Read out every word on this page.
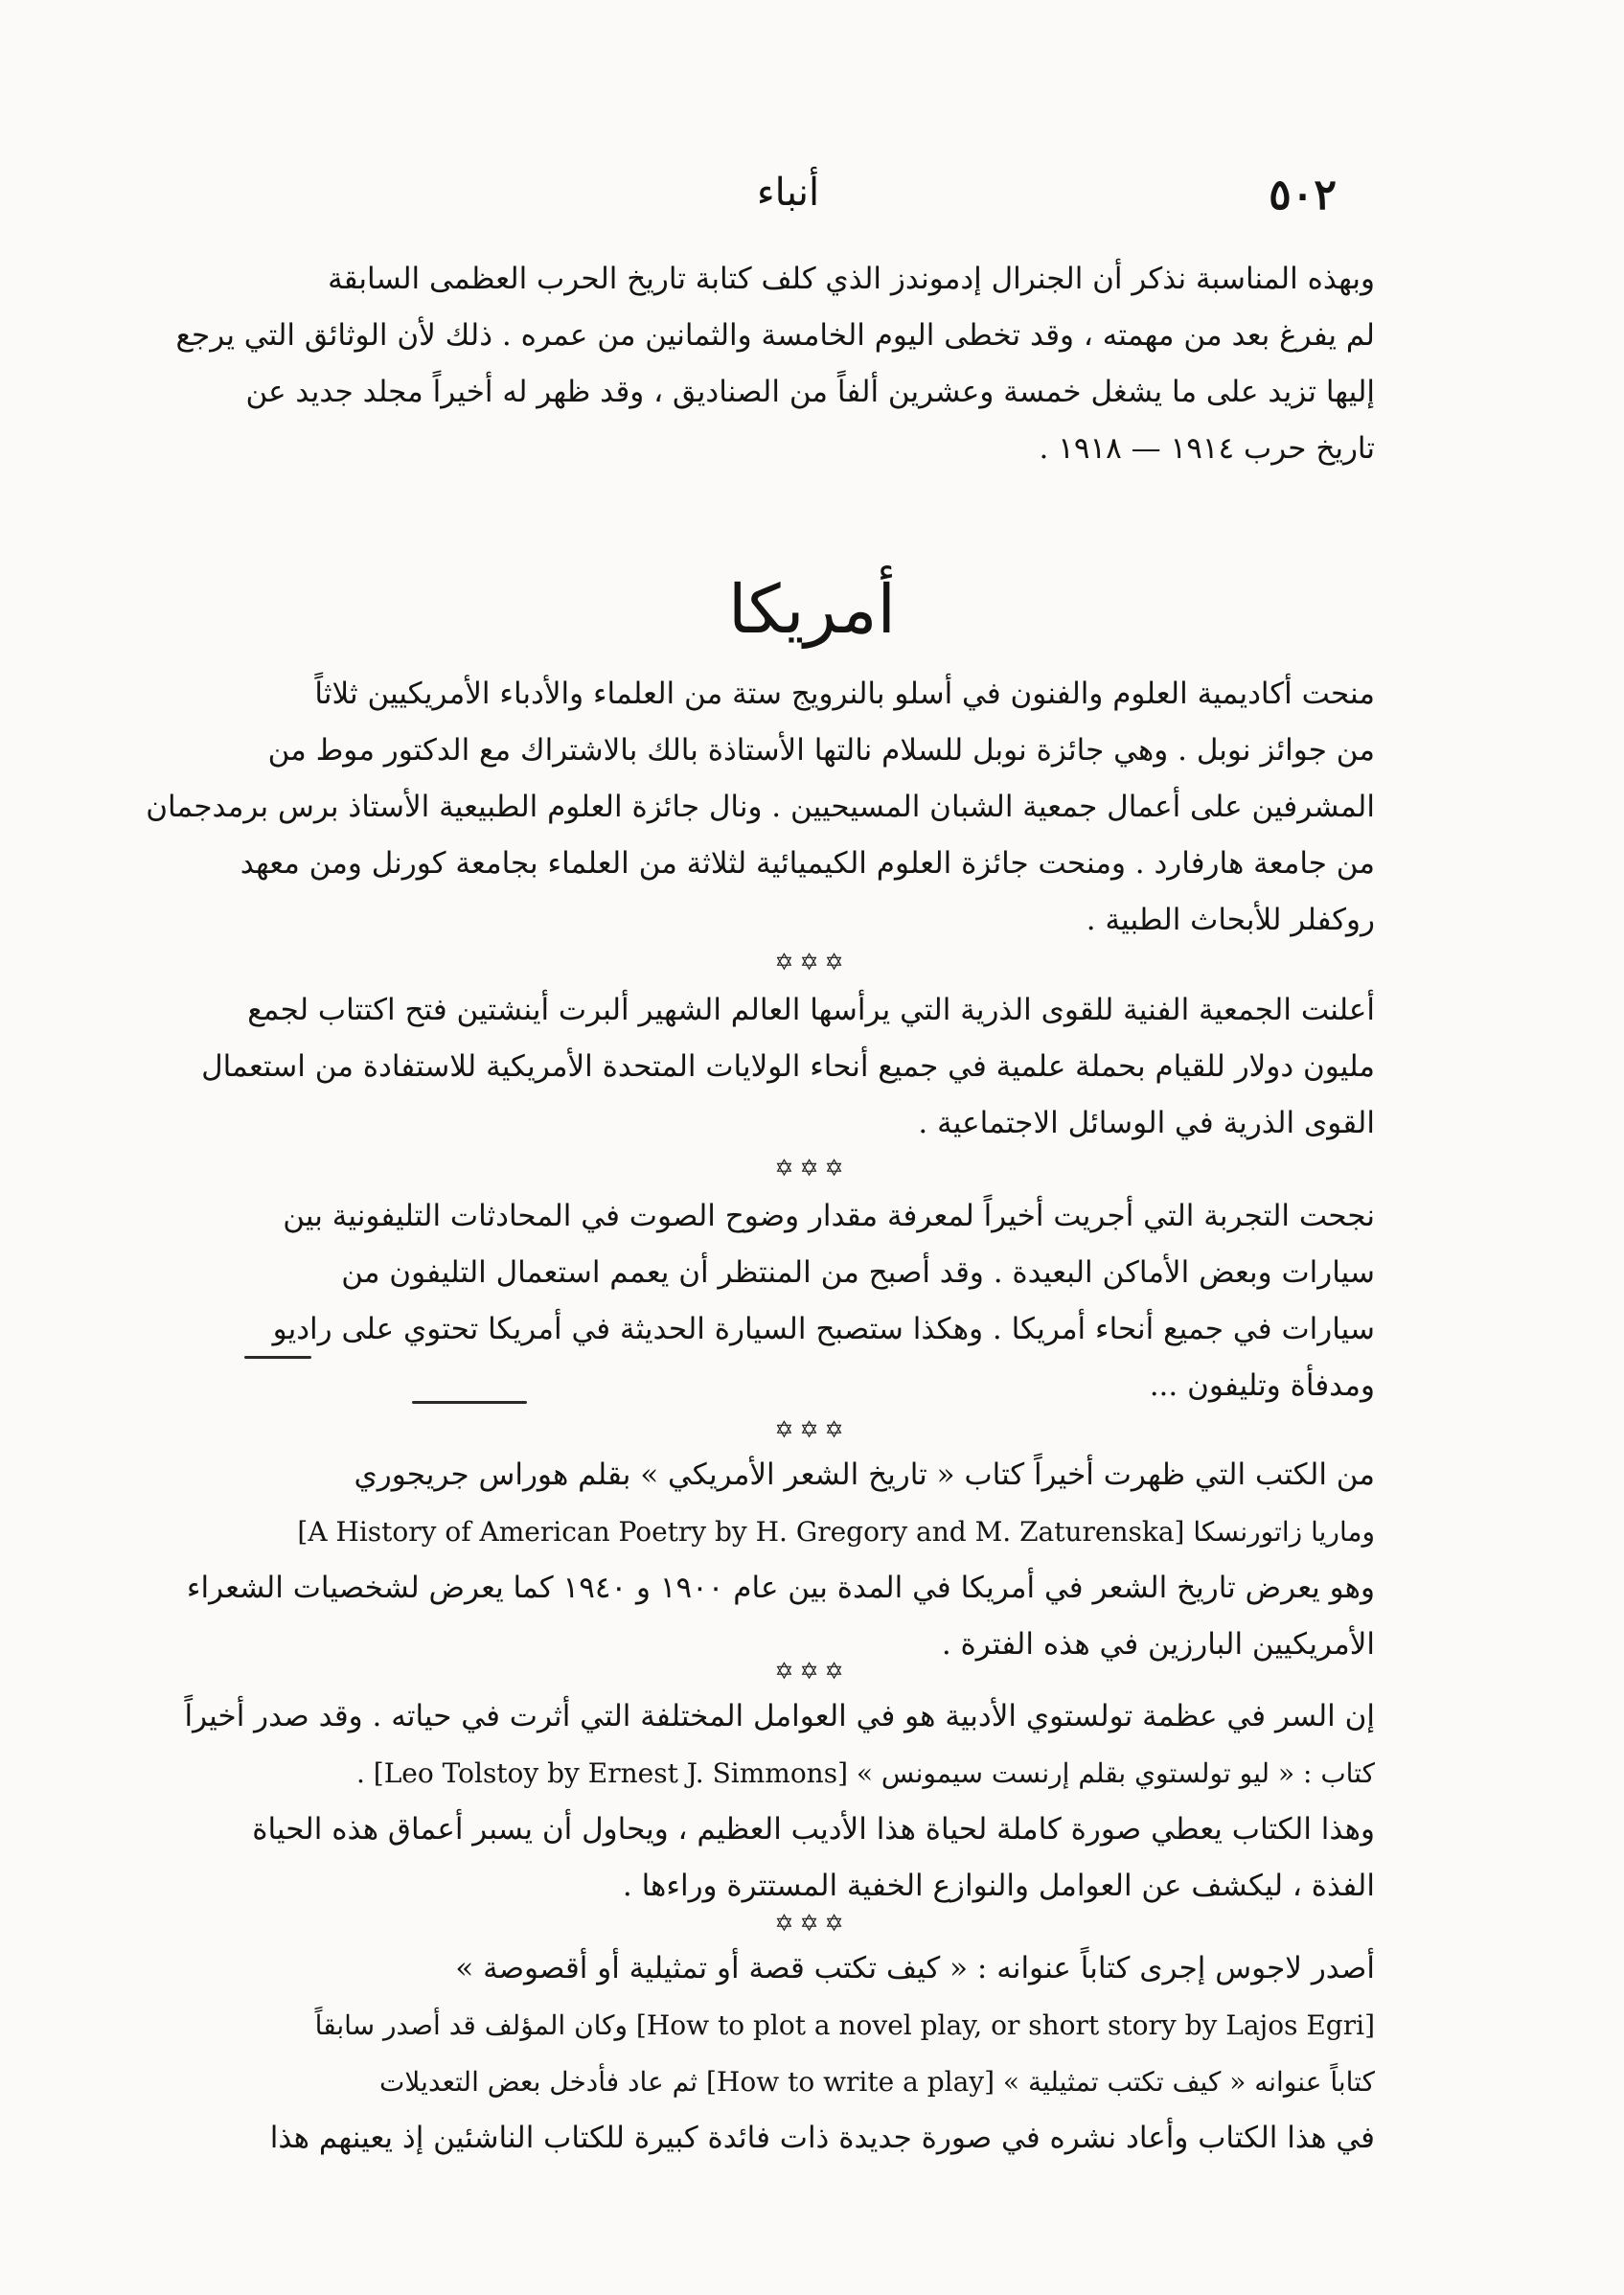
٥٠٢
أنباء
وبهذه المناسبة نذكر أن الجنرال إدموندز الذي كلف كتابة تاريخ الحرب العظمى السابقة
لم يفرغ بعد من مهمته ، وقد تخطى اليوم الخامسة والثمانين من عمره . ذلك لأن الوثائق التي يرجع
إليها تزيد على ما يشغل خمسة وعشرين ألفاً من الصناديق ، وقد ظهر له أخيراً مجلد جديد عن
تاريخ حرب ١٩١٤ — ١٩١٨ .
أمريكا
منحت أكاديمية العلوم والفنون في أسلو بالنرويج ستة من العلماء والأدباء الأمريكيين ثلاثاً
من جوائز نوبل . وهي جائزة نوبل للسلام نالتها الأستاذة بالك بالاشتراك مع الدكتور موط من
المشرفين على أعمال جمعية الشبان المسيحيين . ونال جائزة العلوم الطبيعية الأستاذ برس برمدجمان
من جامعة هارفارد . ومنحت جائزة العلوم الكيميائية لثلاثة من العلماء بجامعة كورنل ومن معهد
روكفلر للأبحاث الطبية .
✡✡✡
أعلنت الجمعية الفنية للقوى الذرية التي يرأسها العالم الشهير ألبرت أينشتين فتح اكتتاب لجمع
مليون دولار للقيام بحملة علمية في جميع أنحاء الولايات المتحدة الأمريكية للاستفادة من استعمال
القوى الذرية في الوسائل الاجتماعية .
✡✡✡
نجحت التجربة التي أجريت أخيراً لمعرفة مقدار وضوح الصوت في المحادثات التليفونية بين
سيارات وبعض الأماكن البعيدة . وقد أصبح من المنتظر أن يعمم استعمال التليفون من
سيارات في جميع أنحاء أمريكا . وهكذا ستصبح السيارة الحديثة في أمريكا تحتوي على راديو
ومدفأة وتليفون ...
✡✡✡
من الكتب التي ظهرت أخيراً كتاب « تاريخ الشعر الأمريكي » بقلم هوراس جريجوري
وماريا زاتورنسكا [A History of American Poetry by H. Gregory and M. Zaturenska]
وهو يعرض تاريخ الشعر في أمريكا في المدة بين عام ١٩٠٠ و ١٩٤٠ كما يعرض لشخصيات الشعراء
الأمريكيين البارزين في هذه الفترة .
✡✡✡
إن السر في عظمة تولستوي الأدبية هو في العوامل المختلفة التي أثرت في حياته . وقد صدر أخيراً
كتاب : « ليو تولستوي بقلم إرنست سيمونس » [Leo Tolstoy by Ernest J. Simmons] .
وهذا الكتاب يعطي صورة كاملة لحياة هذا الأديب العظيم ، ويحاول أن يسبر أعماق هذه الحياة
الفذة ، ليكشف عن العوامل والنوازع الخفية المستترة وراءها .
✡✡✡
أصدر لاجوس إجرى كتاباً عنوانه : « كيف تكتب قصة أو تمثيلية أو أقصوصة »
[How to plot a novel play, or short story by Lajos Egri] وكان المؤلف قد أصدر سابقاً
كتاباً عنوانه « كيف تكتب تمثيلية » [How to write a play] ثم عاد فأدخل بعض التعديلات
في هذا الكتاب وأعاد نشره في صورة جديدة ذات فائدة كبيرة للكتاب الناشئين إذ يعينهم هذا
